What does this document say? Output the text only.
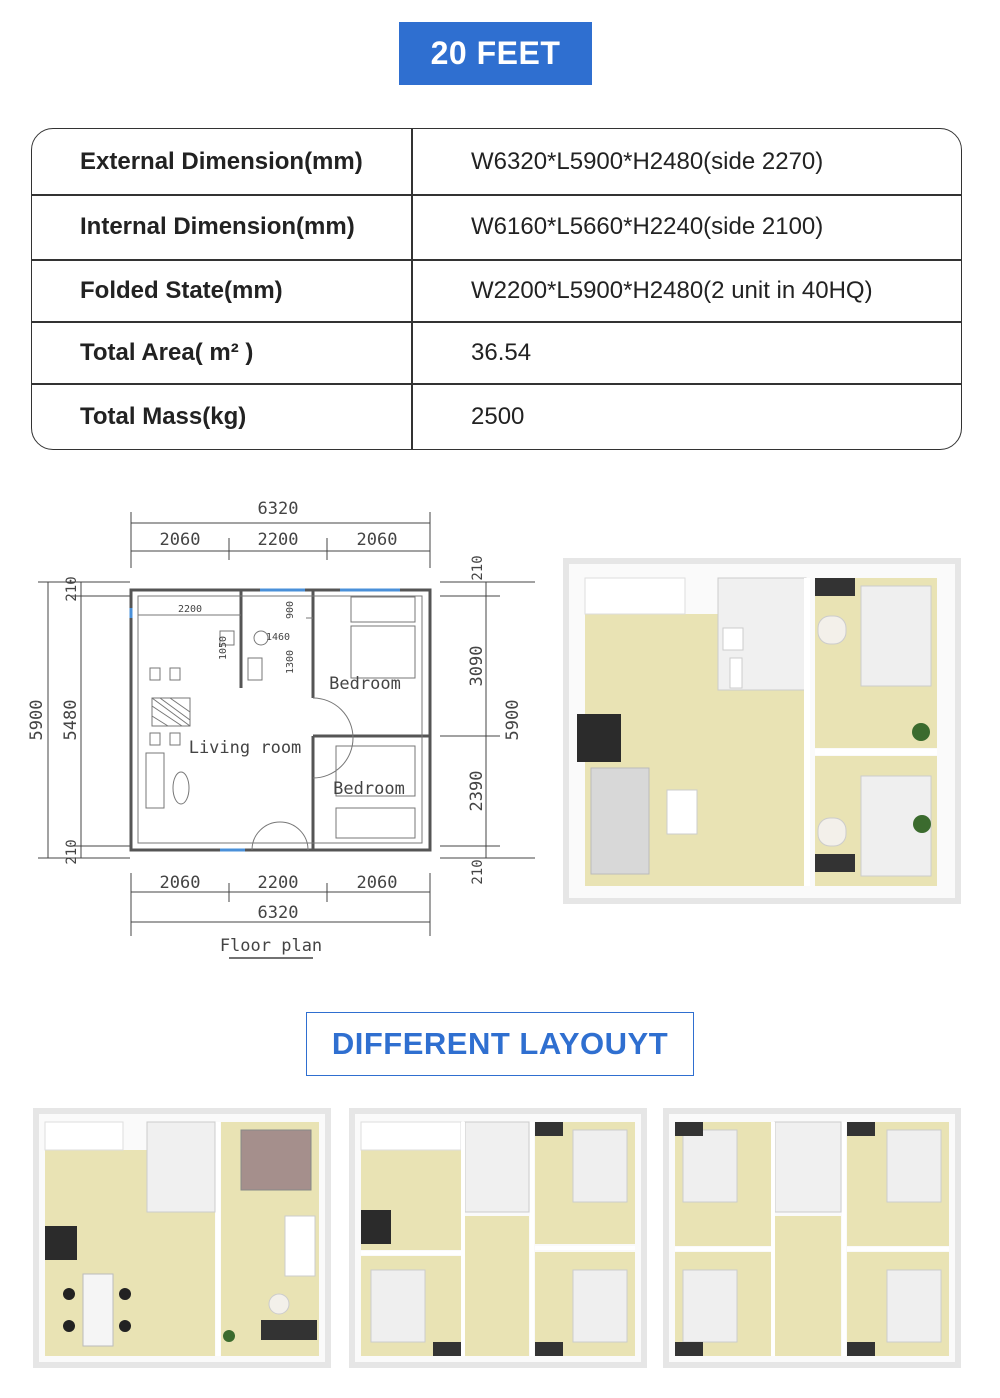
20 FEET
External Dimension(mm)	W6320*L5900*H2480(side 2270)
Internal Dimension(mm)	W6160*L5660*H2240(side 2100)
Folded State(mm)	W2200*L5900*H2480(2 unit in 40HQ)
Total Area( m² )	36.54
Total Mass(kg)	2500
6320
2060	2200	2060
2060	2200	2060
6320
5900 5480
210
210
210
3090
2390
210
5900
2200	900
1050	1460
1300
Bedroom
Bedroom
Living room
Floor plan
DIFFERENT LAYOUYT
